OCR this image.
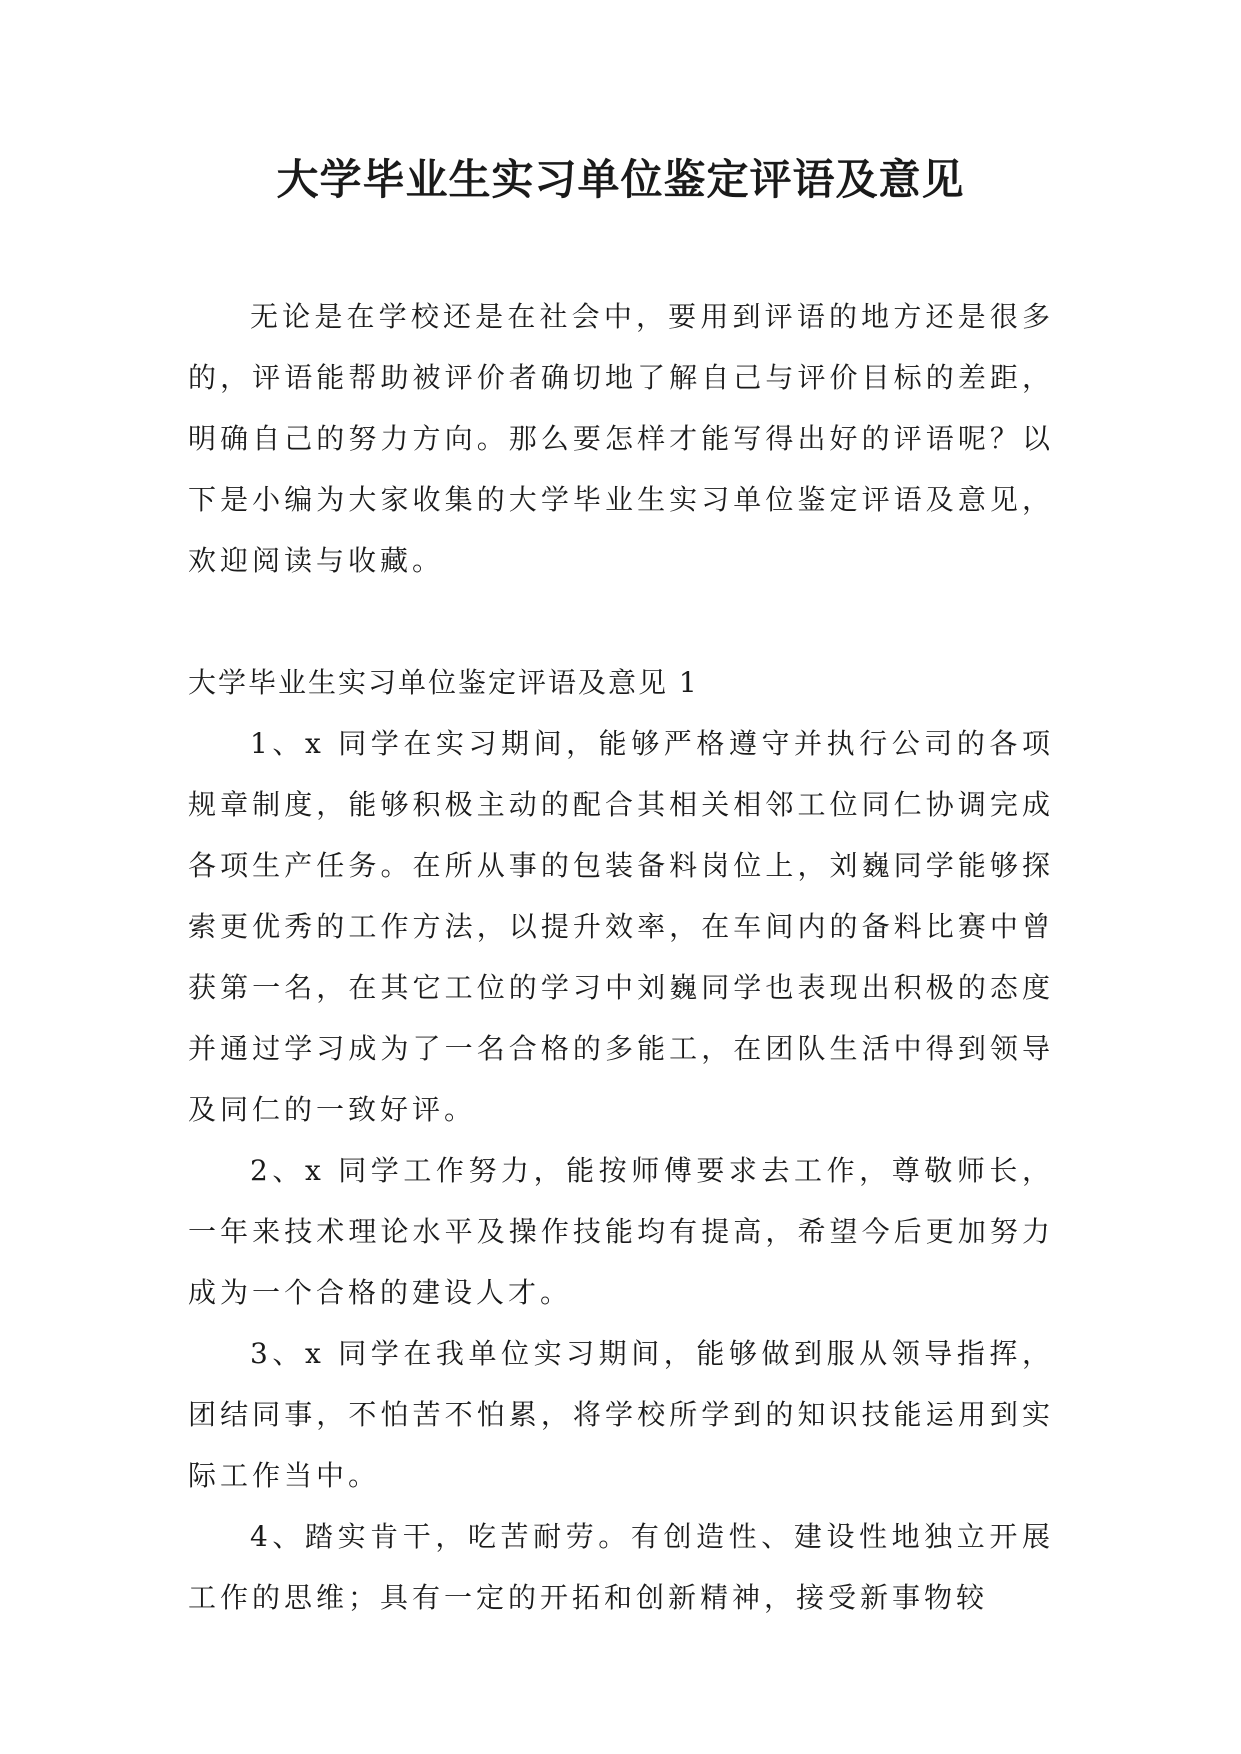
大学毕业生实习单位鉴定评语及意见

无论是在学校还是在社会中，要用到评语的地方还是很多的，评语能帮助被评价者确切地了解自己与评价目标的差距，明确自己的努力方向。那么要怎样才能写得出好的评语呢？以下是小编为大家收集的大学毕业生实习单位鉴定评语及意见，欢迎阅读与收藏。

大学毕业生实习单位鉴定评语及意见 1

1、x 同学在实习期间，能够严格遵守并执行公司的各项规章制度，能够积极主动的配合其相关相邻工位同仁协调完成各项生产任务。在所从事的包装备料岗位上，刘巍同学能够探索更优秀的工作方法，以提升效率，在车间内的备料比赛中曾获第一名，在其它工位的学习中刘巍同学也表现出积极的态度并通过学习成为了一名合格的多能工，在团队生活中得到领导及同仁的一致好评。

2、x 同学工作努力，能按师傅要求去工作，尊敬师长，一年来技术理论水平及操作技能均有提高，希望今后更加努力成为一个合格的建设人才。

3、x 同学在我单位实习期间，能够做到服从领导指挥，团结同事，不怕苦不怕累，将学校所学到的知识技能运用到实际工作当中。

4、踏实肯干，吃苦耐劳。有创造性、建设性地独立开展工作的思维；具有一定的开拓和创新精神，接受新事物较
